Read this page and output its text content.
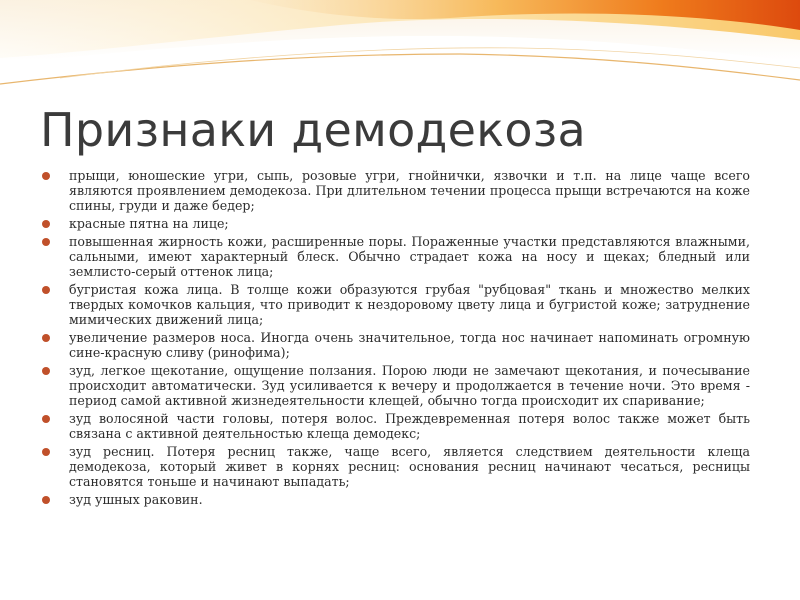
Признаки демодекоза
прыщи, юношеские угри, сыпь, розовые угри, гнойнички, язвочки и т.п. на лице чаще всего являются проявлением демодекоза. При длительном течении процесса прыщи встречаются на коже спины, груди и даже бедер;
красные пятна на лице;
повышенная жирность кожи, расширенные поры. Пораженные участки представляются влажными, сальными, имеют характерный блеск. Обычно страдает кожа на носу и щеках; бледный или землисто-серый оттенок лица;
бугристая кожа лица. В толще кожи образуются грубая "рубцовая" ткань и множество мелких твердых комочков кальция, что приводит к нездоровому цвету лица и бугристой коже; затруднение мимических движений лица;
увеличение размеров носа. Иногда очень значительное, тогда нос начинает напоминать огромную сине-красную сливу (ринофима);
зуд, легкое щекотание, ощущение ползания. Порою люди не замечают щекотания, и почесывание происходит автоматически. Зуд усиливается к вечеру и продолжается в течение ночи. Это время - период самой активной жизнедеятельности клещей, обычно тогда происходит их спаривание;
зуд волосяной части головы, потеря волос. Преждевременная потеря волос также может быть связана с активной деятельностью клеща демодекс;
зуд ресниц. Потеря ресниц также, чаще всего, является следствием деятельности клеща демодекоза, который живет в корнях ресниц: основания ресниц начинают чесаться, ресницы становятся тоньше и начинают выпадать;
зуд ушных раковин.
